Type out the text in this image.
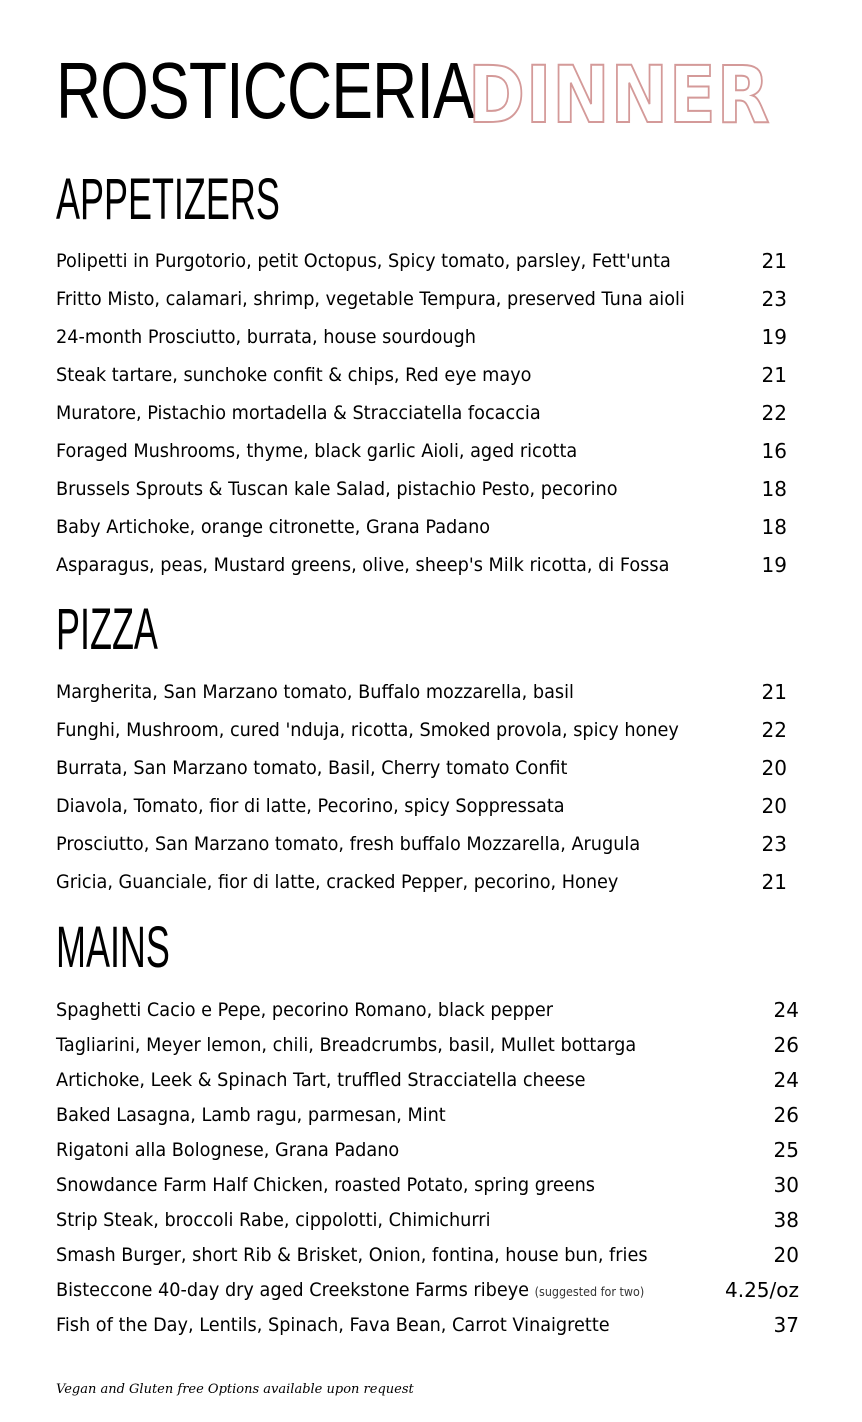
ROSTICCERIA
DINNER
APPETIZERS
Polipetti in Purgotorio, petit Octopus, Spicy tomato, parsley, Fett'unta	21
Fritto Misto, calamari, shrimp, vegetable Tempura, preserved Tuna aioli	23
24-month Prosciutto, burrata, house sourdough	19
Steak tartare, sunchoke confit & chips, Red eye mayo	21
Muratore, Pistachio mortadella & Stracciatella focaccia	22
Foraged Mushrooms, thyme, black garlic Aioli, aged ricotta	16
Brussels Sprouts & Tuscan kale Salad, pistachio Pesto, pecorino	18
Baby Artichoke, orange citronette, Grana Padano	18
Asparagus, peas, Mustard greens, olive, sheep's Milk ricotta, di Fossa	19
PIZZA
Margherita, San Marzano tomato, Buffalo mozzarella, basil	21
Funghi, Mushroom, cured 'nduja, ricotta, Smoked provola, spicy honey	22
Burrata, San Marzano tomato, Basil, Cherry tomato Confit	20
Diavola, Tomato, fior di latte, Pecorino, spicy Soppressata	20
Prosciutto, San Marzano tomato, fresh buffalo Mozzarella, Arugula	23
Gricia, Guanciale, fior di latte, cracked Pepper, pecorino, Honey	21
MAINS
Spaghetti Cacio e Pepe, pecorino Romano, black pepper	24
Tagliarini, Meyer lemon, chili, Breadcrumbs, basil, Mullet bottarga	26
Artichoke, Leek & Spinach Tart, truffled Stracciatella cheese	24
Baked Lasagna, Lamb ragu, parmesan, Mint	26
Rigatoni alla Bolognese, Grana Padano	25
Snowdance Farm Half Chicken, roasted Potato, spring greens	30
Strip Steak, broccoli Rabe, cippolotti, Chimichurri	38
Smash Burger, short Rib & Brisket, Onion, fontina, house bun, fries	20
Bisteccone 40-day dry aged Creekstone Farms ribeye (suggested for two)	4.25/oz
Fish of the Day, Lentils, Spinach, Fava Bean, Carrot Vinaigrette	37
Vegan and Gluten free Options available upon request
